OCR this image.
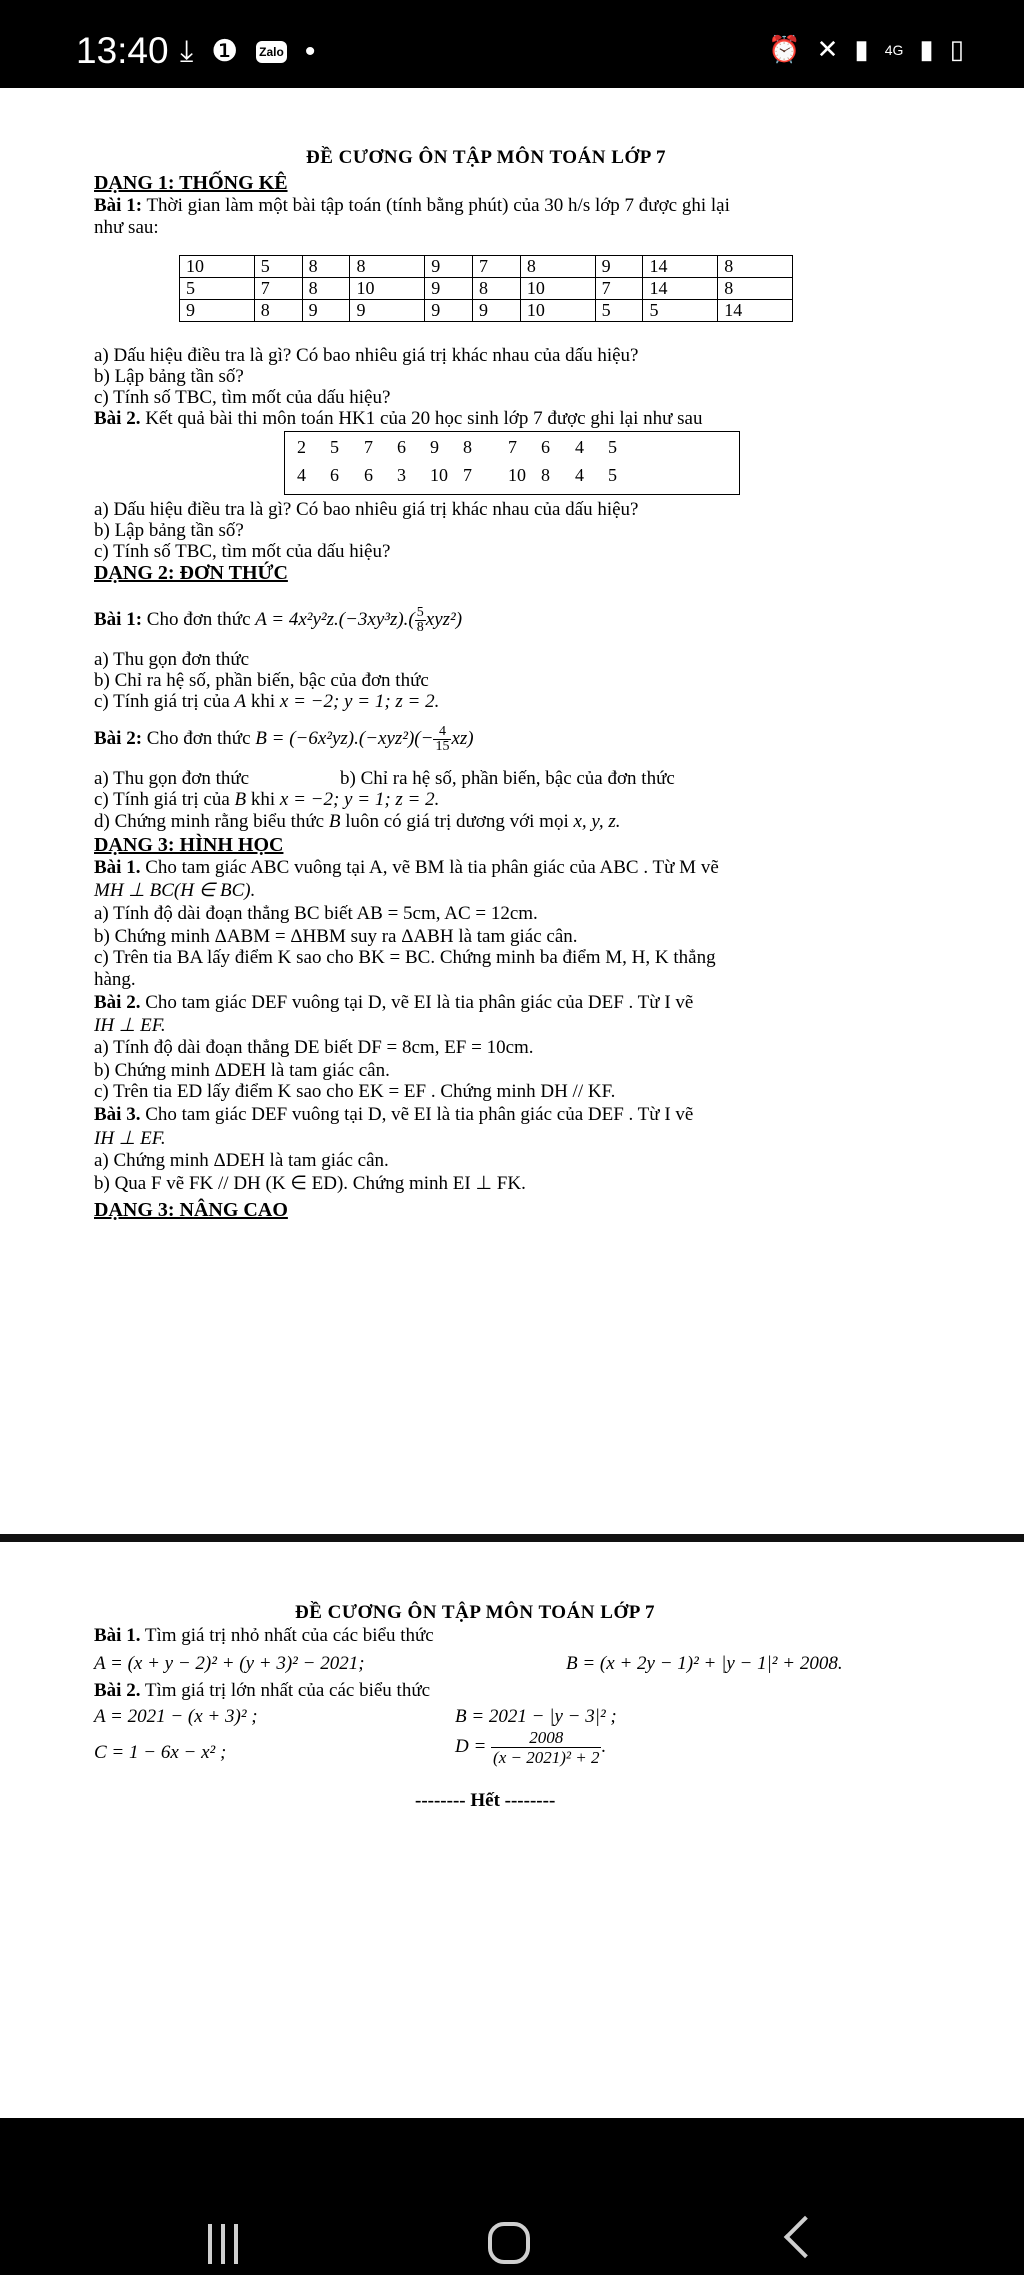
13:40 ⤓ ❶ Zalo •	⏰ ✕ ▮ 4G ▮ ▯
ĐỀ CƯƠNG ÔN TẬP MÔN TOÁN LỚP 7
DẠNG 1: THỐNG KÊ
Bài 1: Thời gian làm một bài tập toán (tính bằng phút) của 30 h/s lớp 7 được ghi lại
như sau:
10	5	8	8	9	7	8	9	14	8
5	7	8	10	9	8	10	7	14	8
9	8	9	9	9	9	10	5	5	14
a) Dấu hiệu điều tra là gì? Có bao nhiêu giá trị khác nhau của dấu hiệu?
b) Lập bảng tần số?
c) Tính số TBC, tìm mốt của dấu hiệu?
Bài 2. Kết quả bài thi môn toán HK1 của 20 học sinh lớp 7 được ghi lại như sau
2 5 7 6 9 8 7 6 4 5
4 6 6 3 10 7 10 8 4 5
a) Dấu hiệu điều tra là gì? Có bao nhiêu giá trị khác nhau của dấu hiệu?
b) Lập bảng tần số?
c) Tính số TBC, tìm mốt của dấu hiệu?
DẠNG 2: ĐƠN THỨC
Bài 1: Cho đơn thức $A = 4x^2y^2z.(-3xy^3z).( \frac{5}{8} xyz^2)$
a) Thu gọn đơn thức
b) Chỉ ra hệ số, phần biến, bậc của đơn thức
c) Tính giá trị của A khi x = −2; y = 1; z = 2.
Bài 2: Cho đơn thức $B = (-6x^2yz).(-xyz^2)(- \frac{4}{15} xz)$
a) Thu gọn đơn thức	b) Chỉ ra hệ số, phần biến, bậc của đơn thức
c) Tính giá trị của B khi x = −2; y = 1; z = 2.
d) Chứng minh rằng biểu thức B luôn có giá trị dương với mọi x, y, z.
DẠNG 3: HÌNH HỌC
Bài 1. Cho tam giác ABC vuông tại A, vẽ BM là tia phân giác của ABC . Từ M vẽ
MH ⊥ BC(H ∈ BC).
a) Tính độ dài đoạn thẳng BC biết AB = 5cm, AC = 12cm.
b) Chứng minh ΔABM = ΔHBM suy ra ΔABH là tam giác cân.
c) Trên tia BA lấy điểm K sao cho BK = BC. Chứng minh ba điểm M, H, K thẳng
hàng.
Bài 2. Cho tam giác DEF vuông tại D, vẽ EI là tia phân giác của DEF . Từ I vẽ
IH ⊥ EF.
a) Tính độ dài đoạn thẳng DE biết DF = 8cm, EF = 10cm.
b) Chứng minh ΔDEH là tam giác cân.
c) Trên tia ED lấy điểm K sao cho EK = EF . Chứng minh DH // KF.
Bài 3. Cho tam giác DEF vuông tại D, vẽ EI là tia phân giác của DEF . Từ I vẽ
IH ⊥ EF.
a) Chứng minh ΔDEH là tam giác cân.
b) Qua F vẽ FK // DH (K ∈ ED). Chứng minh EI ⊥ FK.
DẠNG 3: NÂNG CAO
ĐỀ CƯƠNG ÔN TẬP MÔN TOÁN LỚP 7
Bài 1. Tìm giá trị nhỏ nhất của các biểu thức
A = (x + y − 2)² + (y + 3)² − 2021;	B = (x + 2y − 1)² + |y − 1|² + 2008.
Bài 2. Tìm giá trị lớn nhất của các biểu thức
A = 2021 − (x + 3)² ;	B = 2021 − |y − 3|² ;
C = 1 − 6x − x² ;	$D = \frac{2008}{\text{(x − 2021)² + 2}}$ .
-------- Hết --------
